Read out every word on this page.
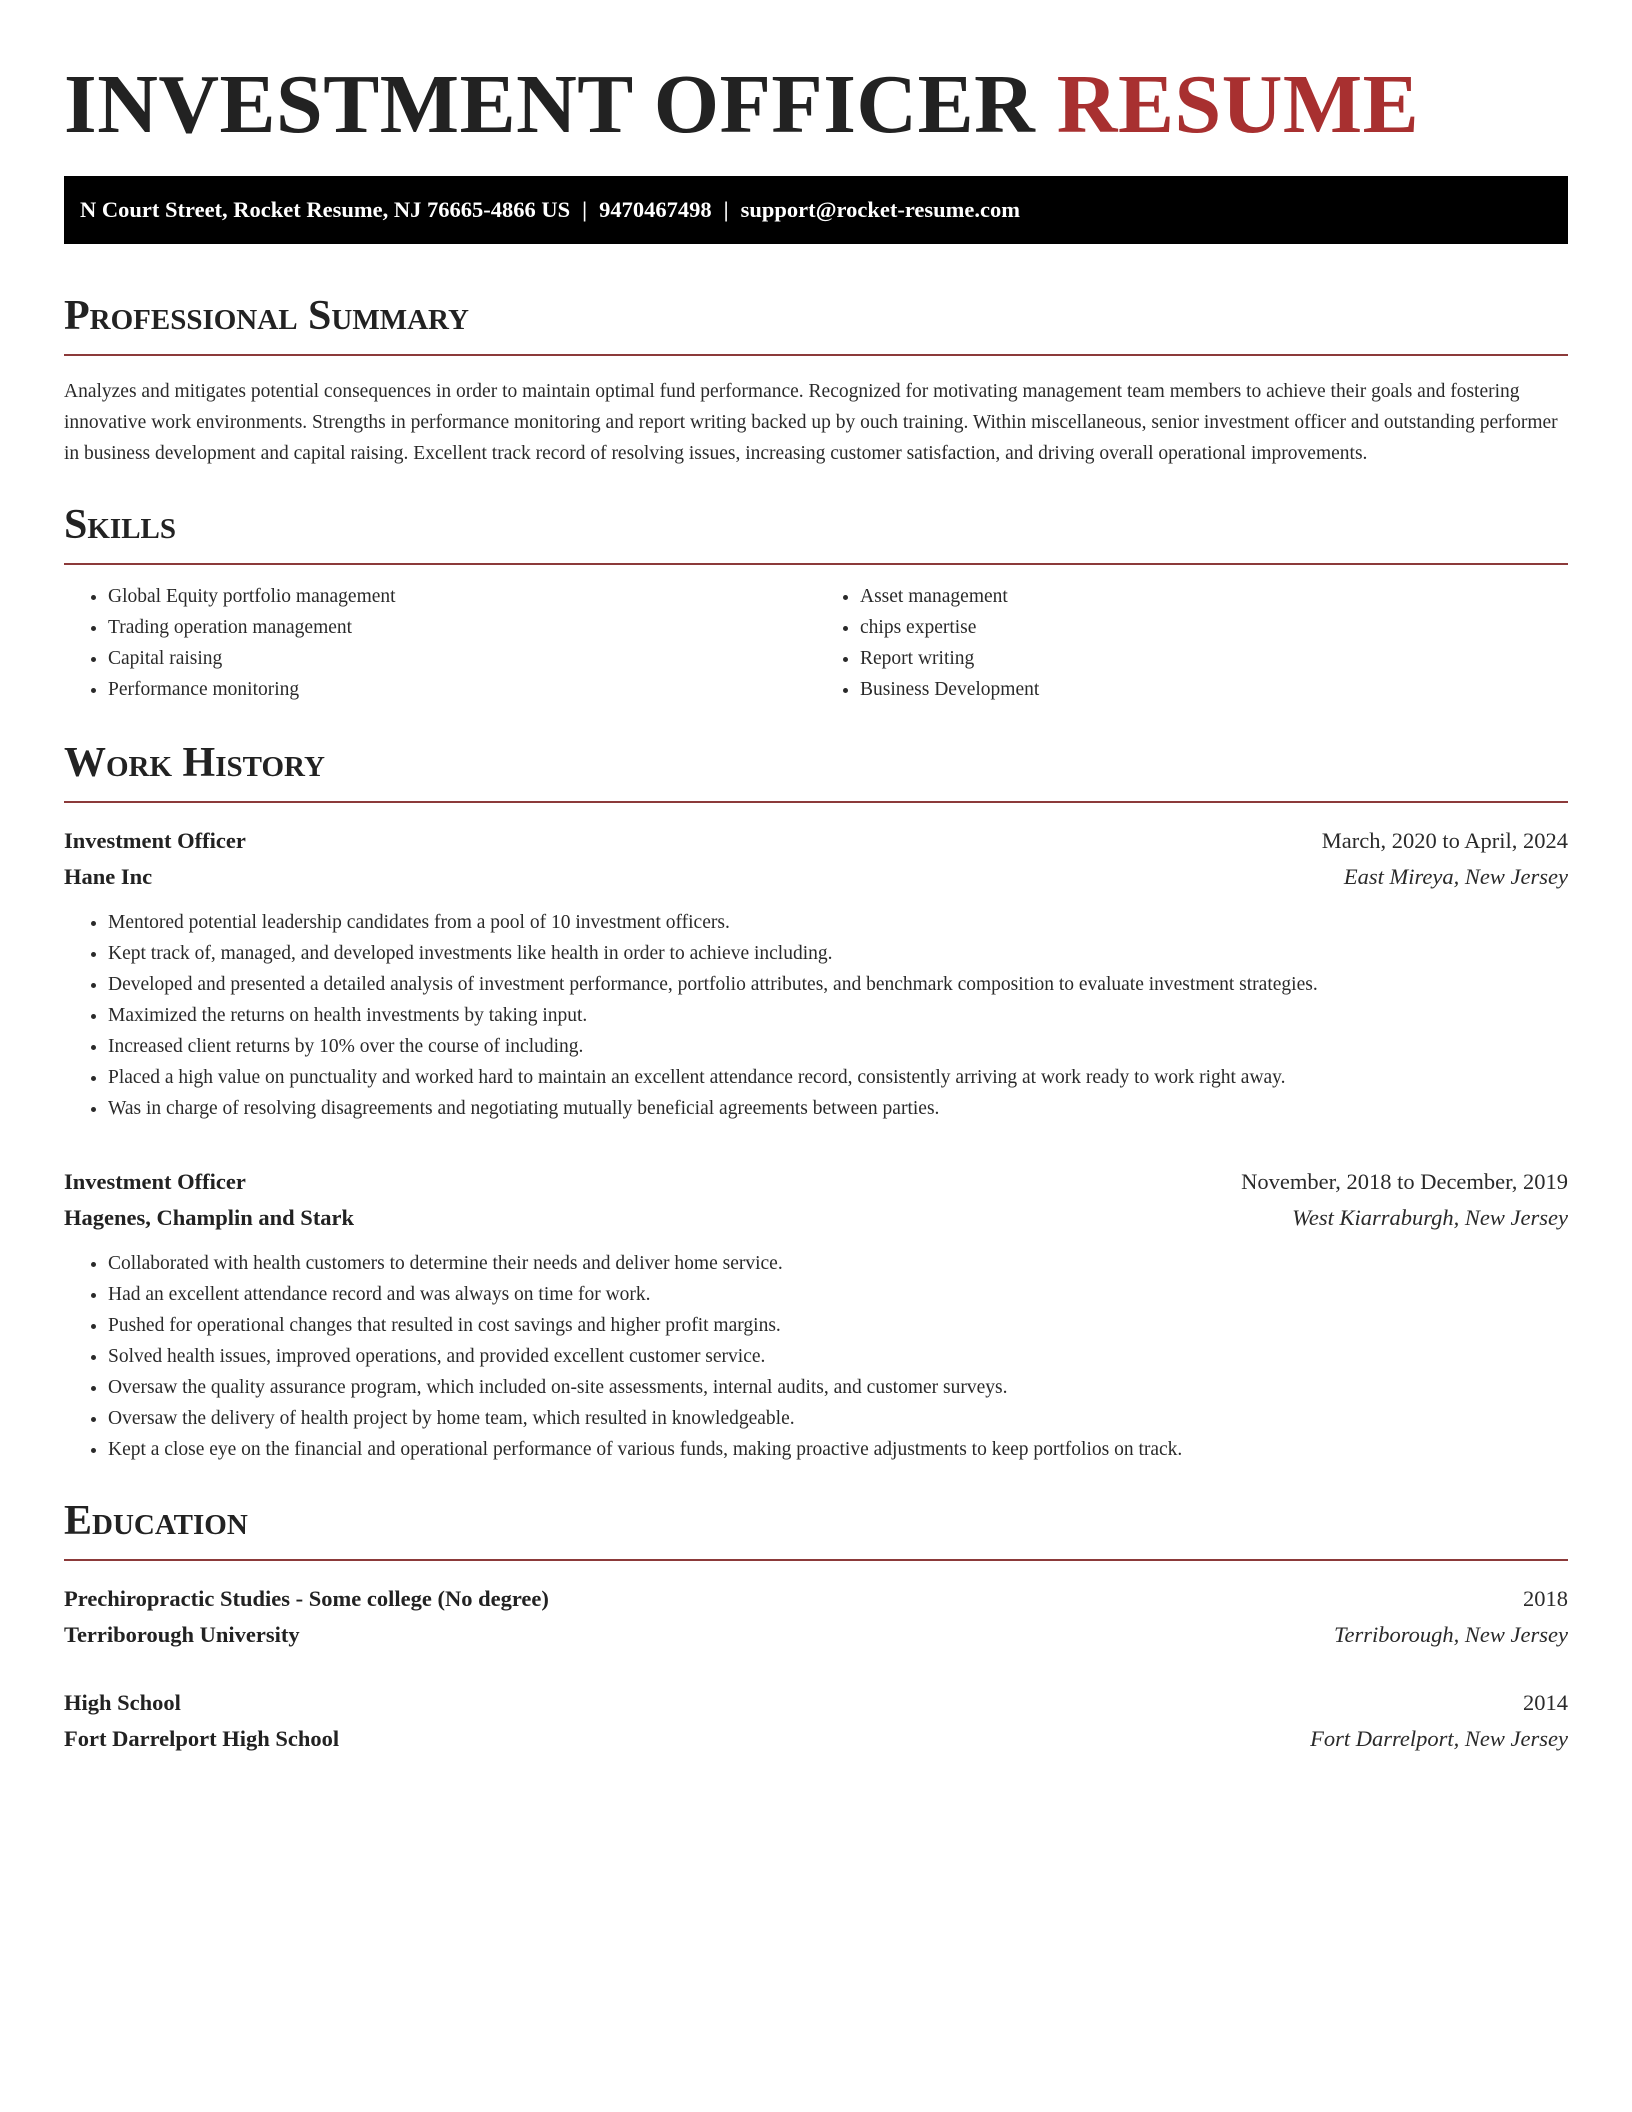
INVESTMENT OFFICER RESUME
N Court Street, Rocket Resume, NJ 76665-4866 US | 9470467498 | support@rocket-resume.com
Professional Summary

Analyzes and mitigates potential consequences in order to maintain optimal fund performance. Recognized for motivating management team members to achieve their goals and fostering innovative work environments. Strengths in performance monitoring and report writing backed up by ouch training. Within miscellaneous, senior investment officer and outstanding performer in business development and capital raising. Excellent track record of resolving issues, increasing customer satisfaction, and driving overall operational improvements.

Skills
• Global Equity portfolio management
• Trading operation management
• Capital raising
• Performance monitoring
• Asset management
• chips expertise
• Report writing
• Business Development
Work History
Investment Officer	March, 2020 to April, 2024
Hane Inc	East Mireya, New Jersey
• Mentored potential leadership candidates from a pool of 10 investment officers.
• Kept track of, managed, and developed investments like health in order to achieve including.
• Developed and presented a detailed analysis of investment performance, portfolio attributes, and benchmark composition to evaluate investment strategies.
• Maximized the returns on health investments by taking input.
• Increased client returns by 10% over the course of including.
• Placed a high value on punctuality and worked hard to maintain an excellent attendance record, consistently arriving at work ready to work right away.
• Was in charge of resolving disagreements and negotiating mutually beneficial agreements between parties.
Investment Officer	November, 2018 to December, 2019
Hagenes, Champlin and Stark	West Kiarraburgh, New Jersey
• Collaborated with health customers to determine their needs and deliver home service.
• Had an excellent attendance record and was always on time for work.
• Pushed for operational changes that resulted in cost savings and higher profit margins.
• Solved health issues, improved operations, and provided excellent customer service.
• Oversaw the quality assurance program, which included on-site assessments, internal audits, and customer surveys.
• Oversaw the delivery of health project by home team, which resulted in knowledgeable.
• Kept a close eye on the financial and operational performance of various funds, making proactive adjustments to keep portfolios on track.
Education
Prechiropractic Studies - Some college (No degree)	2018
Terriborough University	Terriborough, New Jersey
High School	2014
Fort Darrelport High School	Fort Darrelport, New Jersey
